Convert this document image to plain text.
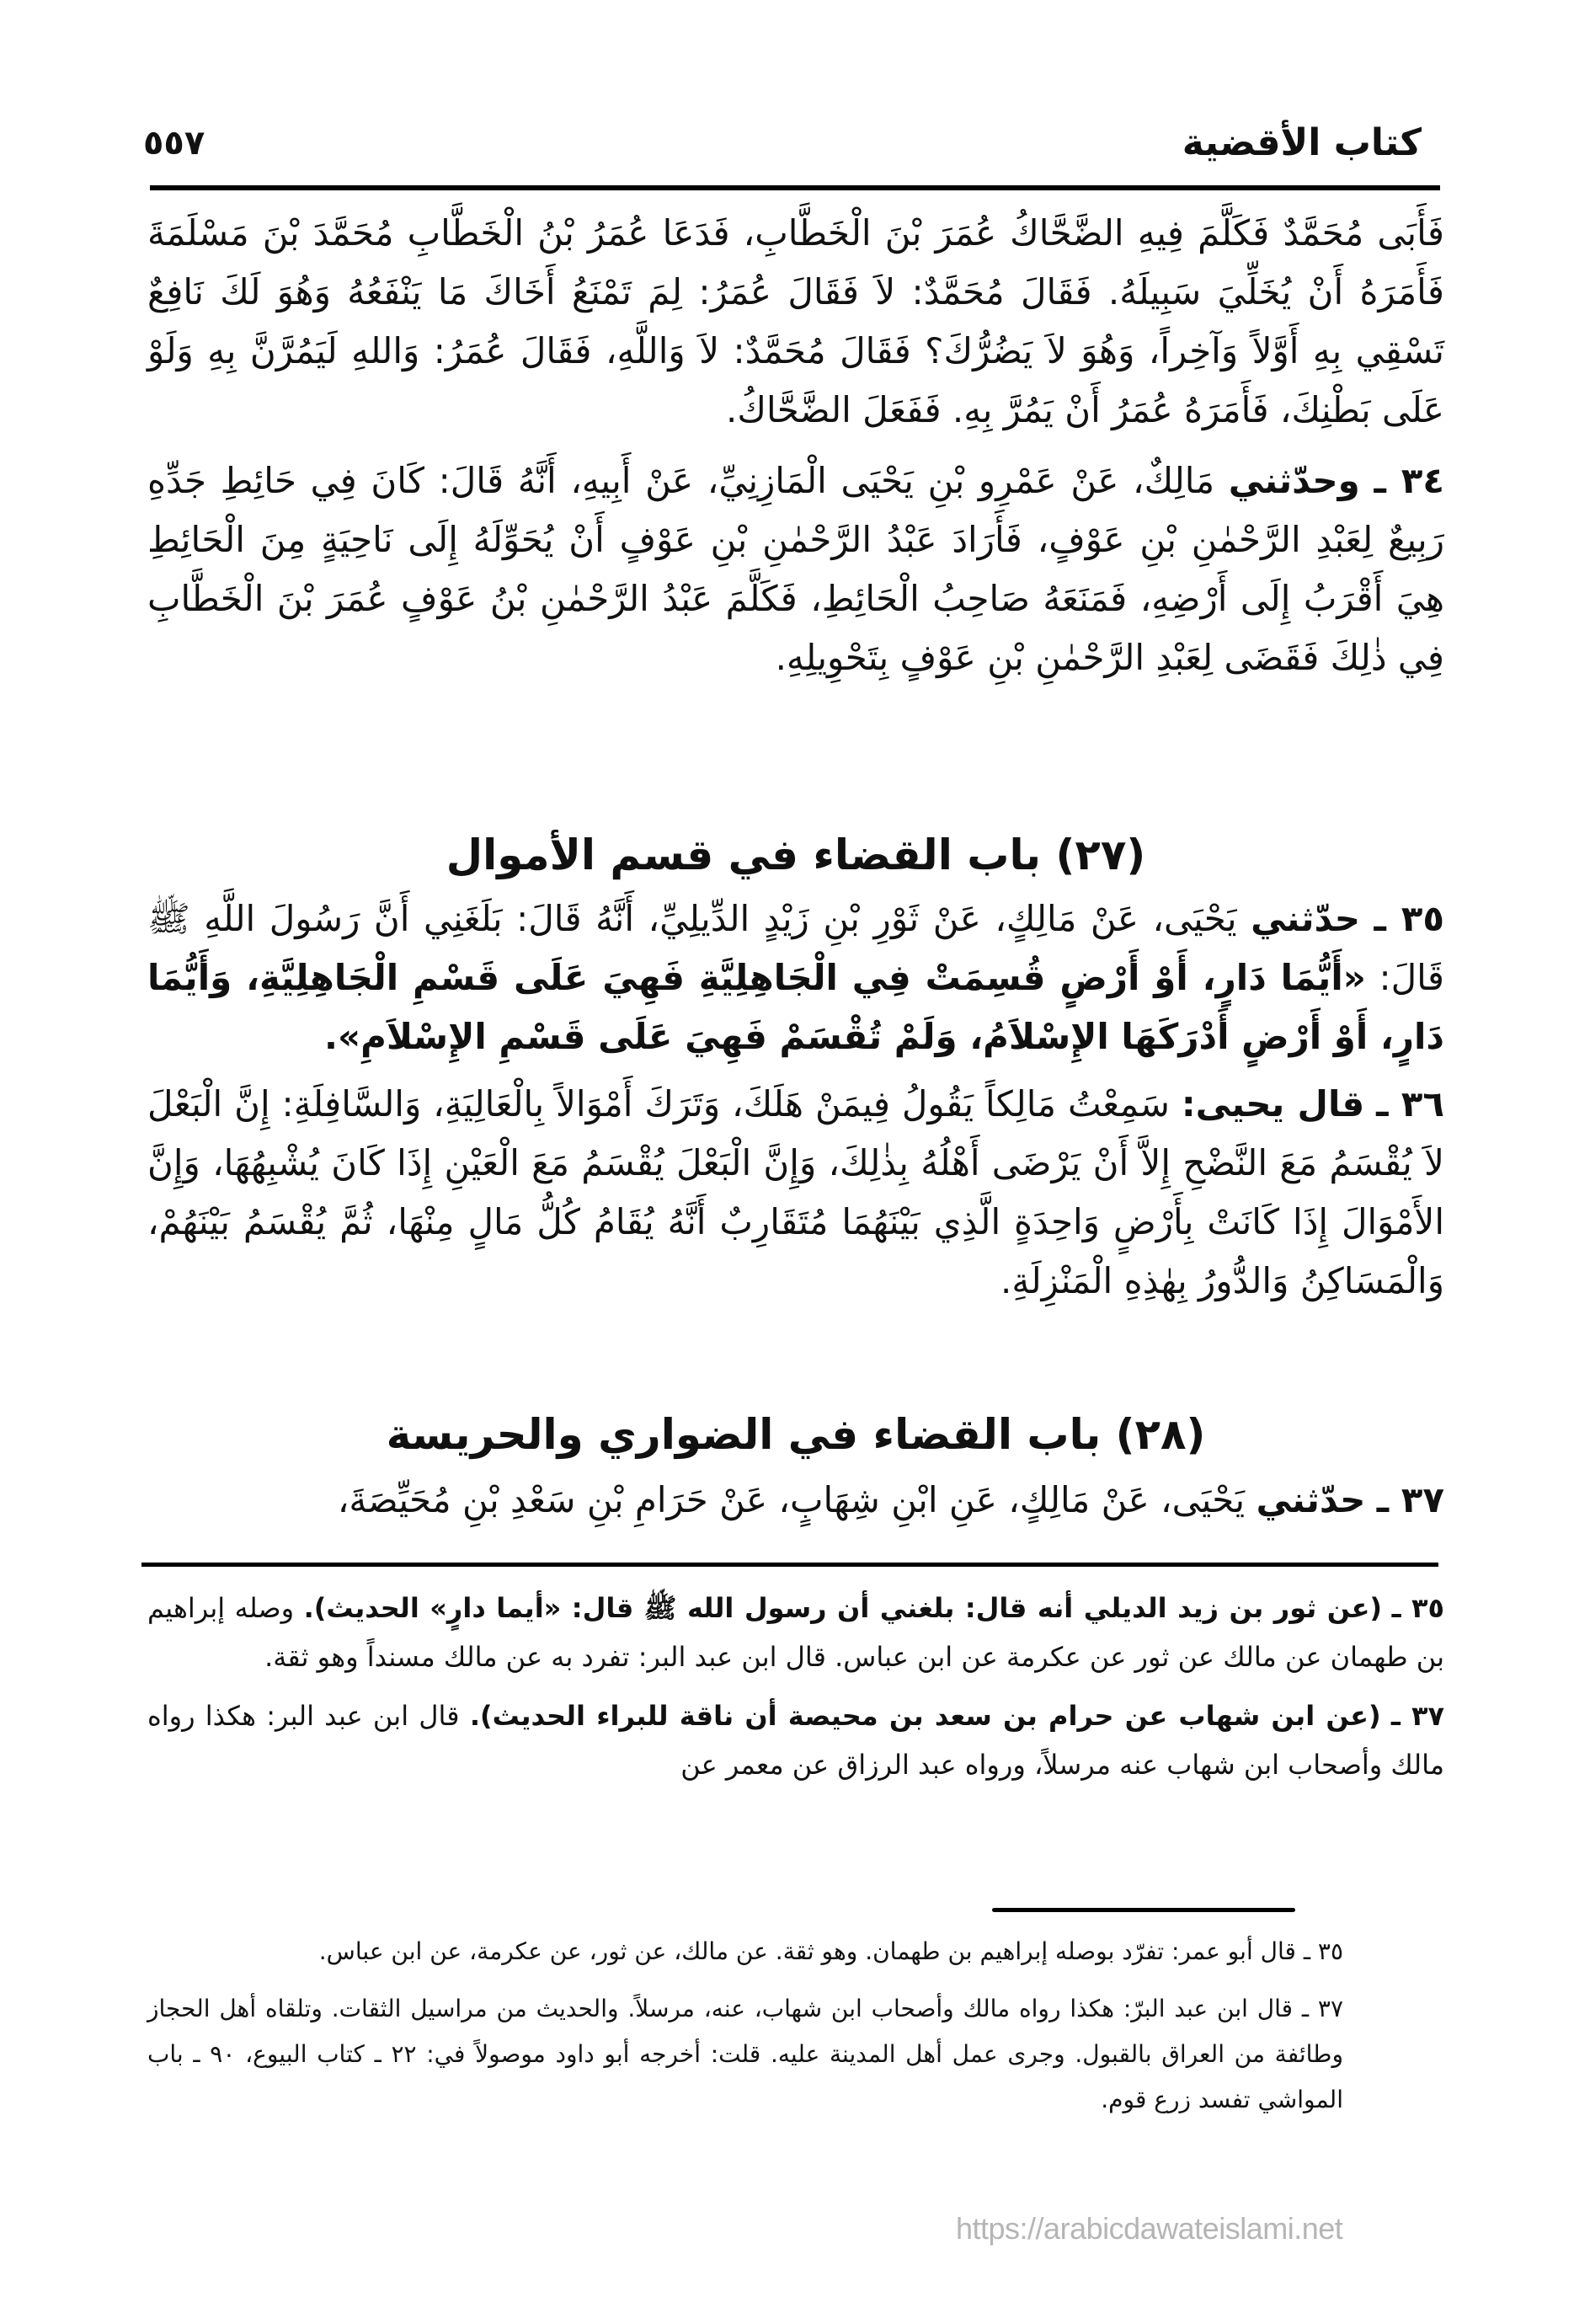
كتاب الأقضية
٥٥٧

فَأَبَى مُحَمَّدٌ فَكَلَّمَ فِيهِ الضَّحَّاكُ عُمَرَ بْنَ الْخَطَّابِ، فَدَعَا عُمَرُ بْنُ الْخَطَّابِ مُحَمَّدَ بْنَ مَسْلَمَةَ فَأَمَرَهُ أَنْ يُخَلِّيَ سَبِيلَهُ. فَقَالَ مُحَمَّدٌ: لاَ فَقَالَ عُمَرُ: لِمَ تَمْنَعُ أَخَاكَ مَا يَنْفَعُهُ وَهُوَ لَكَ نَافِعٌ تَسْقِي بِهِ أَوَّلاً وَآخِراً، وَهُوَ لاَ يَضُرُّكَ؟ فَقَالَ مُحَمَّدٌ: لاَ وَاللَّهِ، فَقَالَ عُمَرُ: وَاللهِ لَيَمُرَّنَّ بِهِ وَلَوْ عَلَى بَطْنِكَ، فَأَمَرَهُ عُمَرُ أَنْ يَمُرَّ بِهِ. فَفَعَلَ الضَّحَّاكُ.

٣٤ ـ وحدّثني مَالِكٌ، عَنْ عَمْرِو بْنِ يَحْيَى الْمَازِنِيِّ، عَنْ أَبِيهِ، أَنَّهُ قَالَ: كَانَ فِي حَائِطِ جَدِّهِ رَبِيعٌ لِعَبْدِ الرَّحْمٰنِ بْنِ عَوْفٍ، فَأَرَادَ عَبْدُ الرَّحْمٰنِ بْنِ عَوْفٍ أَنْ يُحَوِّلَهُ إِلَى نَاحِيَةٍ مِنَ الْحَائِطِ هِيَ أَقْرَبُ إِلَى أَرْضِهِ، فَمَنَعَهُ صَاحِبُ الْحَائِطِ، فَكَلَّمَ عَبْدُ الرَّحْمٰنِ بْنُ عَوْفٍ عُمَرَ بْنَ الْخَطَّابِ فِي ذٰلِكَ فَقَضَى لِعَبْدِ الرَّحْمٰنِ بْنِ عَوْفٍ بِتَحْوِيلِهِ.

(٢٧) باب القضاء في قسم الأموال

٣٥ ـ حدّثني يَحْيَى، عَنْ مَالِكٍ، عَنْ ثَوْرِ بْنِ زَيْدٍ الدِّيلِيِّ، أَنَّهُ قَالَ: بَلَغَنِي أَنَّ رَسُولَ اللَّهِ ﷺ قَالَ: «أَيُّمَا دَارٍ، أَوْ أَرْضٍ قُسِمَتْ فِي الْجَاهِلِيَّةِ فَهِيَ عَلَى قَسْمِ الْجَاهِلِيَّةِ، وَأَيُّمَا دَارٍ، أَوْ أَرْضٍ أَدْرَكَهَا الإِسْلاَمُ، وَلَمْ تُقْسَمْ فَهِيَ عَلَى قَسْمِ الإِسْلاَمِ».

٣٦ ـ قال يحيى: سَمِعْتُ مَالِكاً يَقُولُ فِيمَنْ هَلَكَ، وَتَرَكَ أَمْوَالاً بِالْعَالِيَةِ، وَالسَّافِلَةِ: إِنَّ الْبَعْلَ لاَ يُقْسَمُ مَعَ النَّضْحِ إِلاَّ أَنْ يَرْضَى أَهْلُهُ بِذٰلِكَ، وَإِنَّ الْبَعْلَ يُقْسَمُ مَعَ الْعَيْنِ إِذَا كَانَ يُشْبِهُهَا، وَإِنَّ الأَمْوَالَ إِذَا كَانَتْ بِأَرْضٍ وَاحِدَةٍ الَّذِي بَيْنَهُمَا مُتَقَارِبٌ أَنَّهُ يُقَامُ كُلُّ مَالٍ مِنْهَا، ثُمَّ يُقْسَمُ بَيْنَهُمْ، وَالْمَسَاكِنُ وَالدُّورُ بِهٰذِهِ الْمَنْزِلَةِ.

(٢٨) باب القضاء في الضواري والحريسة

٣٧ ـ حدّثني يَحْيَى، عَنْ مَالِكٍ، عَنِ ابْنِ شِهَابٍ، عَنْ حَرَامِ بْنِ سَعْدِ بْنِ مُحَيِّصَةَ،

٣٥ ـ (عن ثور بن زيد الديلي أنه قال: بلغني أن رسول الله ﷺ قال: «أيما دارٍ» الحديث). وصله إبراهيم بن طهمان عن مالك عن ثور عن عكرمة عن ابن عباس. قال ابن عبد البر: تفرد به عن مالك مسنداً وهو ثقة.

٣٧ ـ (عن ابن شهاب عن حرام بن سعد بن محيصة أن ناقة للبراء الحديث). قال ابن عبد البر: هكذا رواه مالك وأصحاب ابن شهاب عنه مرسلاً، ورواه عبد الرزاق عن معمر عن

٣٥ ـ قال أبو عمر: تفرّد بوصله إبراهيم بن طهمان. وهو ثقة. عن مالك، عن ثور، عن عكرمة، عن ابن عباس.

٣٧ ـ قال ابن عبد البرّ: هكذا رواه مالك وأصحاب ابن شهاب، عنه، مرسلاً. والحديث من مراسيل الثقات. وتلقاه أهل الحجاز وطائفة من العراق بالقبول. وجرى عمل أهل المدينة عليه. قلت: أخرجه أبو داود موصولاً في: ٢٢ ـ كتاب البيوع، ٩٠ ـ باب المواشي تفسد زرع قوم.

https://arabicdawateislami.net
